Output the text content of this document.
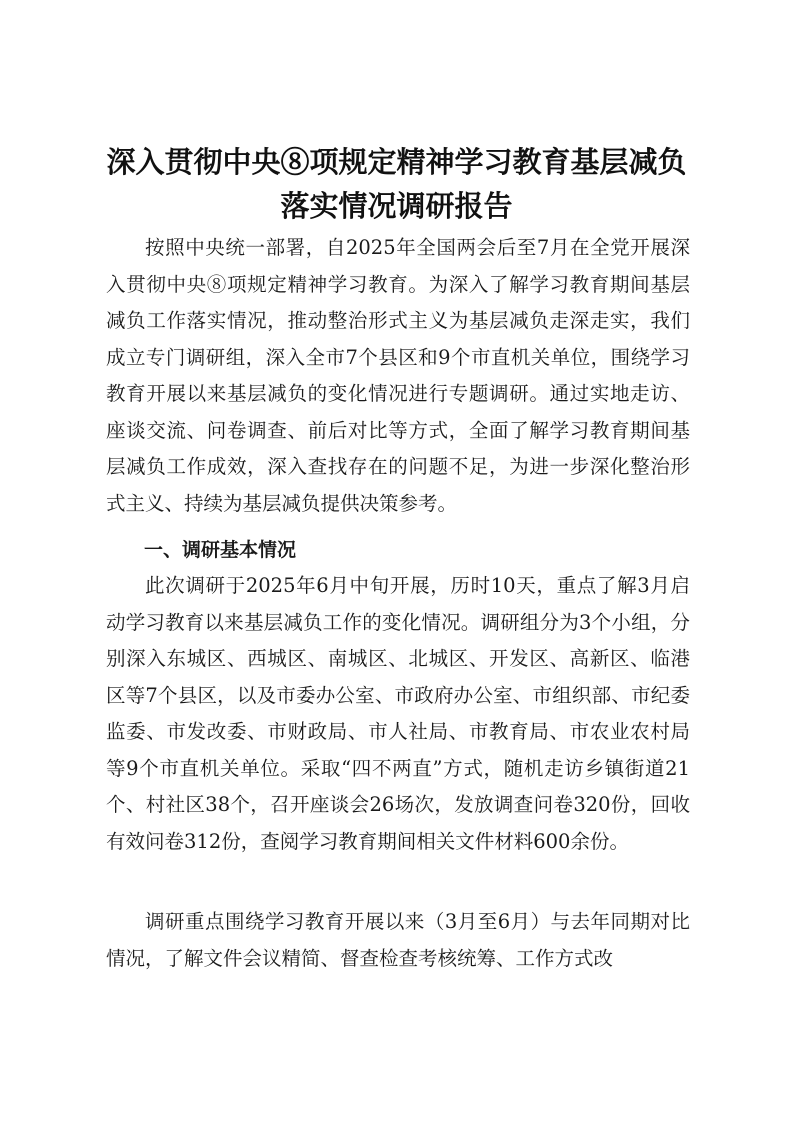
深入贯彻中央⑧项规定精神学习教育基层减负
落实情况调研报告

按照中央统一部署，自2025年全国两会后至7月在全党开展深入贯彻中央⑧项规定精神学习教育。为深入了解学习教育期间基层减负工作落实情况，推动整治形式主义为基层减负走深走实，我们成立专门调研组，深入全市7个县区和9个市直机关单位，围绕学习教育开展以来基层减负的变化情况进行专题调研。通过实地走访、座谈交流、问卷调查、前后对比等方式，全面了解学习教育期间基层减负工作成效，深入查找存在的问题不足，为进一步深化整治形式主义、持续为基层减负提供决策参考。

一、调研基本情况

此次调研于2025年6月中旬开展，历时10天，重点了解3月启动学习教育以来基层减负工作的变化情况。调研组分为3个小组，分别深入东城区、西城区、南城区、北城区、开发区、高新区、临港区等7个县区，以及市委办公室、市政府办公室、市组织部、市纪委监委、市发改委、市财政局、市人社局、市教育局、市农业农村局等9个市直机关单位。采取“四不两直”方式，随机走访乡镇街道21个、村社区38个，召开座谈会26场次，发放调查问卷320份，回收有效问卷312份，查阅学习教育期间相关文件材料600余份。

调研重点围绕学习教育开展以来（3月至6月）与去年同期对比情况，了解文件会议精简、督查检查考核统筹、工作方式改
